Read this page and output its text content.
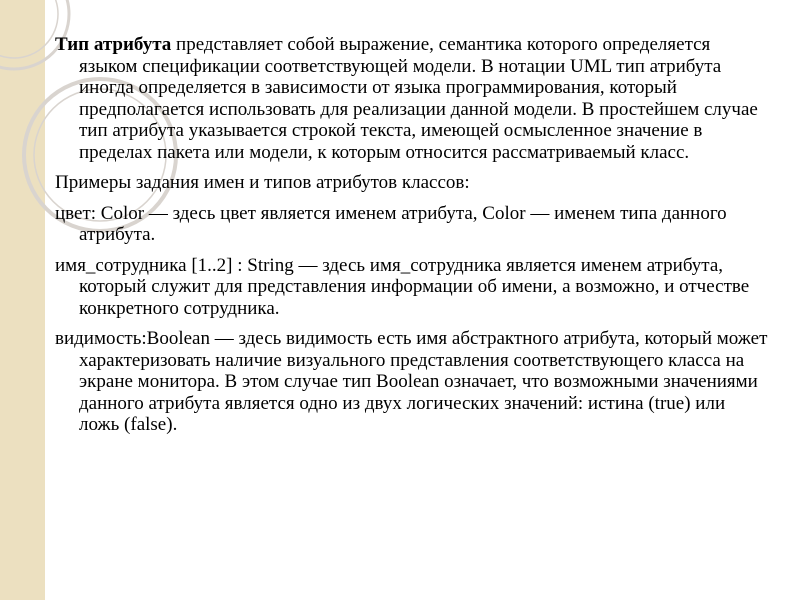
Тип атрибута представляет собой выражение, семантика которого определяется языком спецификации соответствующей модели. В нотации UML тип атрибута иногда определяется в зависимости от языка программирования, который предполагается использовать для реализации данной модели. В простейшем случае тип атрибута указывается строкой текста, имеющей осмысленное значение в пределах пакета или модели, к которым относится рассматриваемый класс.

Примеры задания имен и типов атрибутов классов:

цвет: Color — здесь цвет является именем атрибута, Color — именем типа данного атрибута.

имя_сотрудника [1..2] : String — здесь имя_сотрудника является именем атрибута, который служит для представления информации об имени, а возможно, и отчестве конкретного сотрудника.

видимость:Boolean — здесь видимость есть имя абстрактного атрибута, который может характеризовать наличие визуального представления соответствующего класса на экране монитора. В этом случае тип Boolean означает, что возможными значениями данного атрибута является одно из двух логических значений: истина (true) или ложь (false).
